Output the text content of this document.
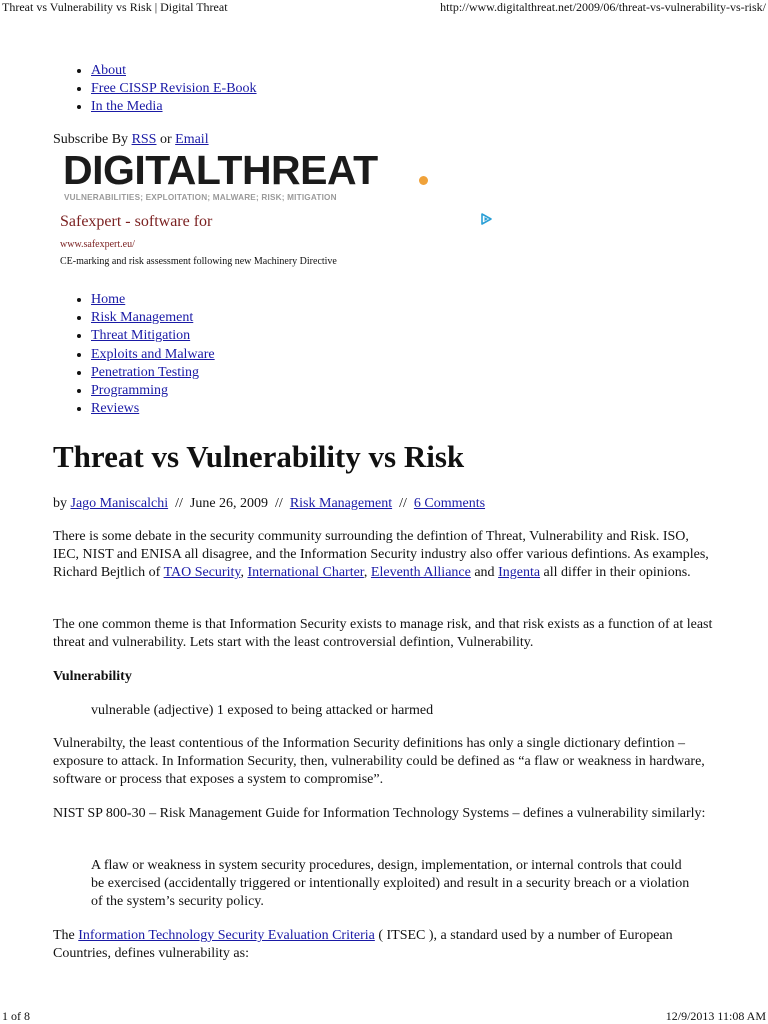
Threat vs Vulnerability vs Risk | Digital Threat	http://www.digitalthreat.net/2009/06/threat-vs-vulnerability-vs-risk/
• About
• Free CISSP Revision E-Book
• In the Media
Subscribe By RSS or Email
DIGITALTHREAT
VULNERABILITIES; EXPLOITATION; MALWARE; RISK; MITIGATION
Safexpert - software for
www.safexpert.eu/
CE-marking and risk assessment following new Machinery Directive
• Home
• Risk Management
• Threat Mitigation
• Exploits and Malware
• Penetration Testing
• Programming
• Reviews
Threat vs Vulnerability vs Risk
by Jago Maniscalchi // June 26, 2009 // Risk Management // 6 Comments

There is some debate in the security community surrounding the defintion of Threat, Vulnerability and Risk. ISO, IEC, NIST and ENISA all disagree, and the Information Security industry also offer various defintions. As examples, Richard Bejtlich of TAO Security, International Charter, Eleventh Alliance and Ingenta all differ in their opinions.

The one common theme is that Information Security exists to manage risk, and that risk exists as a function of at least threat and vulnerability. Lets start with the least controversial defintion, Vulnerability.

Vulnerability

vulnerable (adjective) 1 exposed to being attacked or harmed

Vulnerabilty, the least contentious of the Information Security definitions has only a single dictionary defintion – exposure to attack. In Information Security, then, vulnerability could be defined as “a flaw or weakness in hardware, software or process that exposes a system to compromise”.

NIST SP 800-30 – Risk Management Guide for Information Technology Systems – defines a vulnerability similarly:

A flaw or weakness in system security procedures, design, implementation, or internal controls that could be exercised (accidentally triggered or intentionally exploited) and result in a security breach or a violation of the system’s security policy.

The Information Technology Security Evaluation Criteria ( ITSEC ), a standard used by a number of European Countries, defines vulnerability as:

1 of 8	12/9/2013 11:08 AM
